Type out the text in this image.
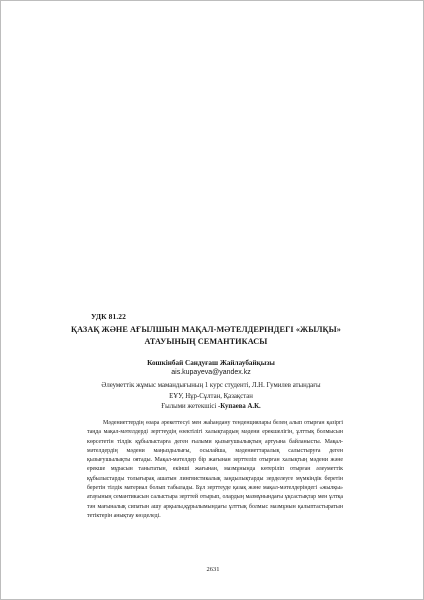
УДК 81.22
ҚАЗАҚ ЖӘНЕ АҒЫЛШЫН МАҚАЛ-МӘТЕЛДЕРІНДЕГІ «ЖЫЛҚЫ»
АТАУЫНЫҢ СЕМАНТИКАСЫ
Кошкінбай Сандуғаш Жайлаубайқызы
ais.kupayeva@yandex.kz
Әлеуметтік жұмыс мамандығының 1 курс студенті, Л.Н. Гумилев атындағы
ЕҰУ, Нұр-Сұлтан, Қазақстан
Ғылыми жетекшісі -Купаева А.К.

Мәдениеттердің өзара әрекеттесуі мен жаһандану тенденциялары белең алып отырған қазіргі таңда мақал-мәтелдерді зерттеудің өзектілігі халықтардың мәдени ерекшелігін, ұлттық болмысын көрсететін тілдік құбылыстарға деген ғылыми қызығушылықтың артуына байланысты. Мақал-мәтелдердің мәдени маңыздылығы, осылайша, мәдениеттаралық салыстыруға деген қызығушылықты оятады. Мақал-мәтелдер бір жағынан зерттеліп отырған халықтың мәдени және ерекше мұрасын танытатын, екінші жағынан, мазмұнында көтеріліп отырған әлеуметтік құбылыстарды толығырақ ашатын лингвистикалық заңдылықтарды зерделеуге мүмкіндік беретін беретін тілдік материал болып табылады. Бұл зерттеуде қазақ және мақал-мәтелдеріндегі «жылқы» атауының семантикасын салыстыра зерттей отырып, олардың мазмұнындағы ұқсастықтар мен ұлтқа тән мағыналық сипатын ашу арқылы,құрылымындағы ұлттық болмыс мазмұнын қалыптастыратын тетіктерін анықтау көзделеді.

2631
